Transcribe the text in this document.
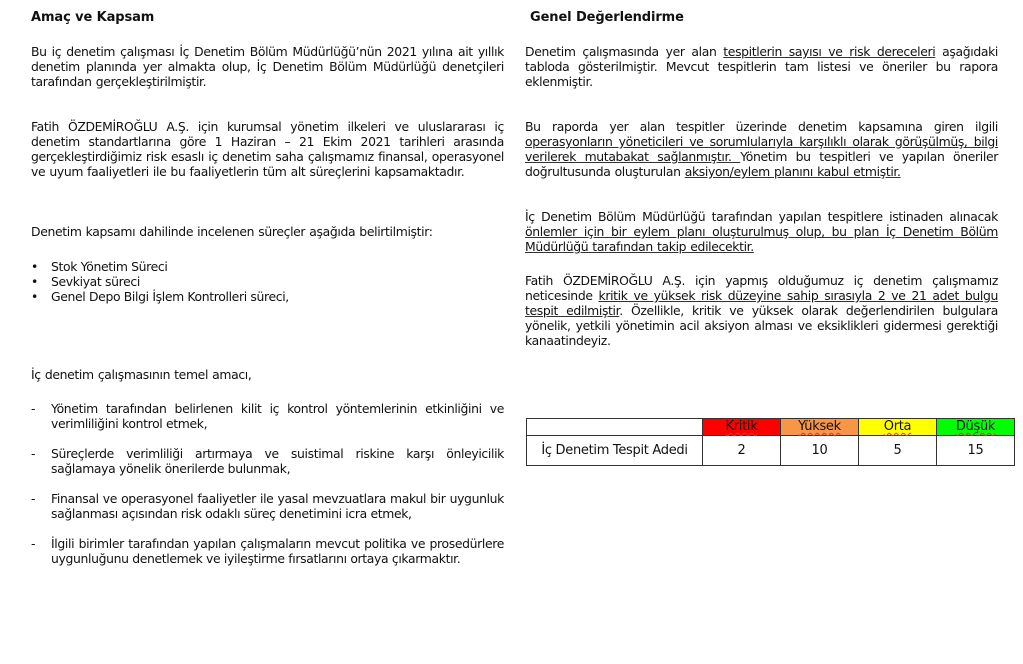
Amaç ve Kapsam

Bu iç denetim çalışması İç Denetim Bölüm Müdürlüğü’nün 2021 yılına ait yıllık denetim planında yer almakta olup, İç Denetim Bölüm Müdürlüğü denetçileri tarafından gerçekleştirilmiştir.

Fatih ÖZDEMİROĞLU A.Ş. için kurumsal yönetim ilkeleri ve uluslararası iç denetim standartlarına göre 1 Haziran – 21 Ekim 2021 tarihleri arasında gerçekleştirdiğimiz risk esaslı iç denetim saha çalışmamız finansal, operasyonel ve uyum faaliyetleri ile bu faaliyetlerin tüm alt süreçlerini kapsamaktadır.

Denetim kapsamı dahilinde incelenen süreçler aşağıda belirtilmiştir:

• Stok Yönetim Süreci
• Sevkiyat süreci
• Genel Depo Bilgi İşlem Kontrolleri süreci,

İç denetim çalışmasının temel amacı,

- Yönetim tarafından belirlenen kilit iç kontrol yöntemlerinin etkinliğini ve verimliliğini kontrol etmek,
- Süreçlerde verimliliği artırmaya ve suistimal riskine karşı önleyicilik sağlamaya yönelik önerilerde bulunmak,
- Finansal ve operasyonel faaliyetler ile yasal mevzuatlara makul bir uygunluk sağlanması açısından risk odaklı süreç denetimini icra etmek,
- İlgili birimler tarafından yapılan çalışmaların mevcut politika ve prosedürlere uygunluğunu denetlemek ve iyileştirme fırsatlarını ortaya çıkarmaktır.
Genel Değerlendirme

Denetim çalışmasında yer alan tespitlerin sayısı ve risk dereceleri aşağıdaki tabloda gösterilmiştir. Mevcut tespitlerin tam listesi ve öneriler bu rapora eklenmiştir.

Bu raporda yer alan tespitler üzerinde denetim kapsamına giren ilgili operasyonların yöneticileri ve sorumlularıyla karşılıklı olarak görüşülmüş, bilgi verilerek mutabakat sağlanmıştır. Yönetim bu tespitleri ve yapılan öneriler doğrultusunda oluşturulan aksiyon/eylem planını kabul etmiştir.

İç Denetim Bölüm Müdürlüğü tarafından yapılan tespitlere istinaden alınacak önlemler için bir eylem planı oluşturulmuş olup, bu plan İç Denetim Bölüm Müdürlüğü tarafından takip edilecektir.

Fatih ÖZDEMİROĞLU A.Ş. için yapmış olduğumuz iç denetim çalışmamız neticesinde kritik ve yüksek risk düzeyine sahip sırasıyla 2 ve 21 adet bulgu tespit edilmiştir. Özellikle, kritik ve yüksek olarak değerlendirilen bulgulara yönelik, yetkili yönetimin acil aksiyon alması ve eksiklikleri gidermesi gerektiği kanaatindeyiz.

	Kritik	Yüksek	Orta	Düşük
İç Denetim Tespit Adedi	2	10	5	15
